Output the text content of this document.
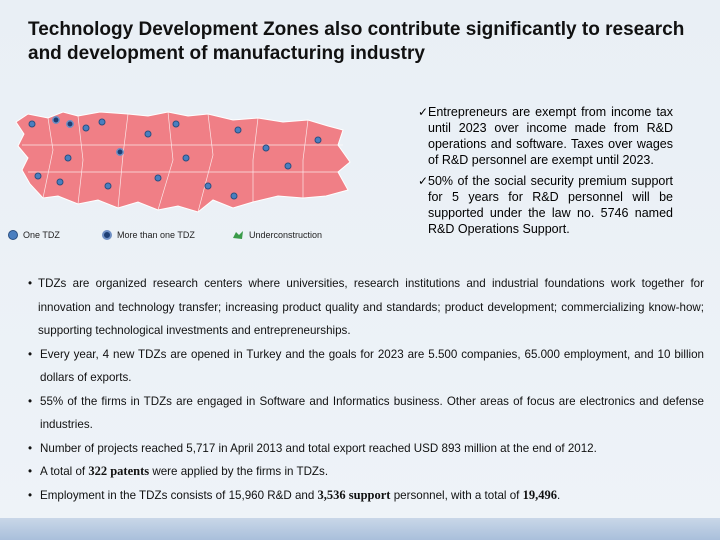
Technology Development Zones also contribute significantly to research and development of manufacturing industry
One TDZ	More than one TDZ	Underconstruction
✓ Entrepreneurs are exempt from income tax until 2023 over income made from R&D operations and software. Taxes over wages of R&D personnel are exempt until 2023.
✓ 50% of the social security premium support for 5 years for R&D personnel will be supported under the law no. 5746 named R&D Operations Support.
• TDZs are organized research centers where universities, research institutions and industrial foundations work together for innovation and technology transfer; increasing product quality and standards; product development; commercializing know-how; supporting technological investments and entrepreneurships.
• Every year, 4 new TDZs are opened in Turkey and the goals for 2023 are 5.500 companies, 65.000 employment, and 10 billion dollars of exports.
• 55% of the firms in TDZs are engaged in Software and Informatics business. Other areas of focus are electronics and defense industries.
• Number of projects reached 5,717 in April 2013 and total export reached USD 893 million at the end of 2012.
• A total of 322 patents were applied by the firms in TDZs.
• Employment in the TDZs consists of 15,960 R&D and 3,536 support personnel, with a total of 19,496.
